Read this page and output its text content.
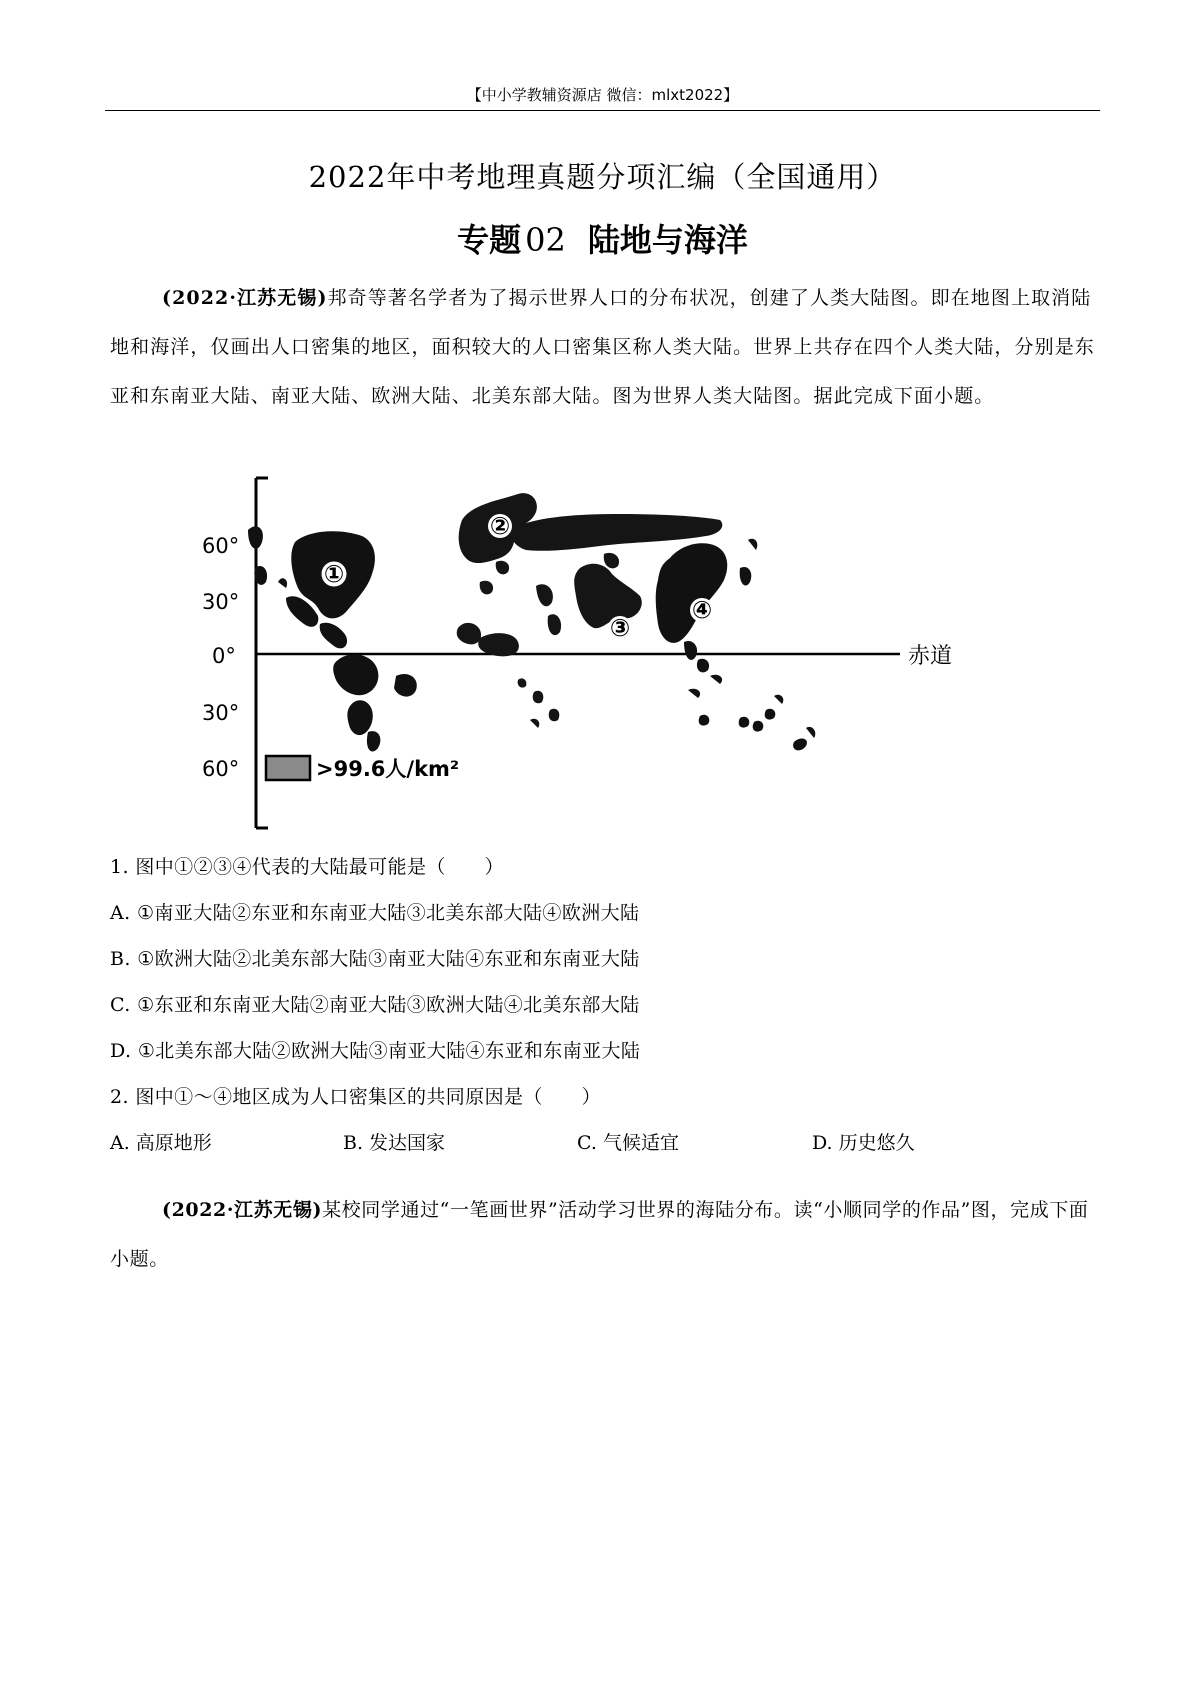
【中小学教辅资源店 微信：mlxt2022】
2022年中考地理真题分项汇编（全国通用）
专题 02 陆地与海洋
(2022·江苏无锡)邦奇等著名学者为了揭示世界人口的分布状况，创建了人类大陆图。即在地图上取消陆地和海洋，仅画出人口密集的地区，面积较大的人口密集区称人类大陆。世界上共存在四个人类大陆，分别是东亚和东南亚大陆、南亚大陆、欧洲大陆、北美东部大陆。图为世界人类大陆图。据此完成下面小题。
60°
30°
0°
30°
60°
赤道
①
②
③
④
>99.6人/km²
1. 图中①②③④代表的大陆最可能是（　　）
A. ①南亚大陆②东亚和东南亚大陆③北美东部大陆④欧洲大陆
B. ①欧洲大陆②北美东部大陆③南亚大陆④东亚和东南亚大陆
C. ①东亚和东南亚大陆②南亚大陆③欧洲大陆④北美东部大陆
D. ①北美东部大陆②欧洲大陆③南亚大陆④东亚和东南亚大陆
2. 图中①～④地区成为人口密集区的共同原因是（　　）
A. 高原地形	B. 发达国家	C. 气候适宜	D. 历史悠久
(2022·江苏无锡)某校同学通过“一笔画世界”活动学习世界的海陆分布。读“小顺同学的作品”图，完成下面小题。
